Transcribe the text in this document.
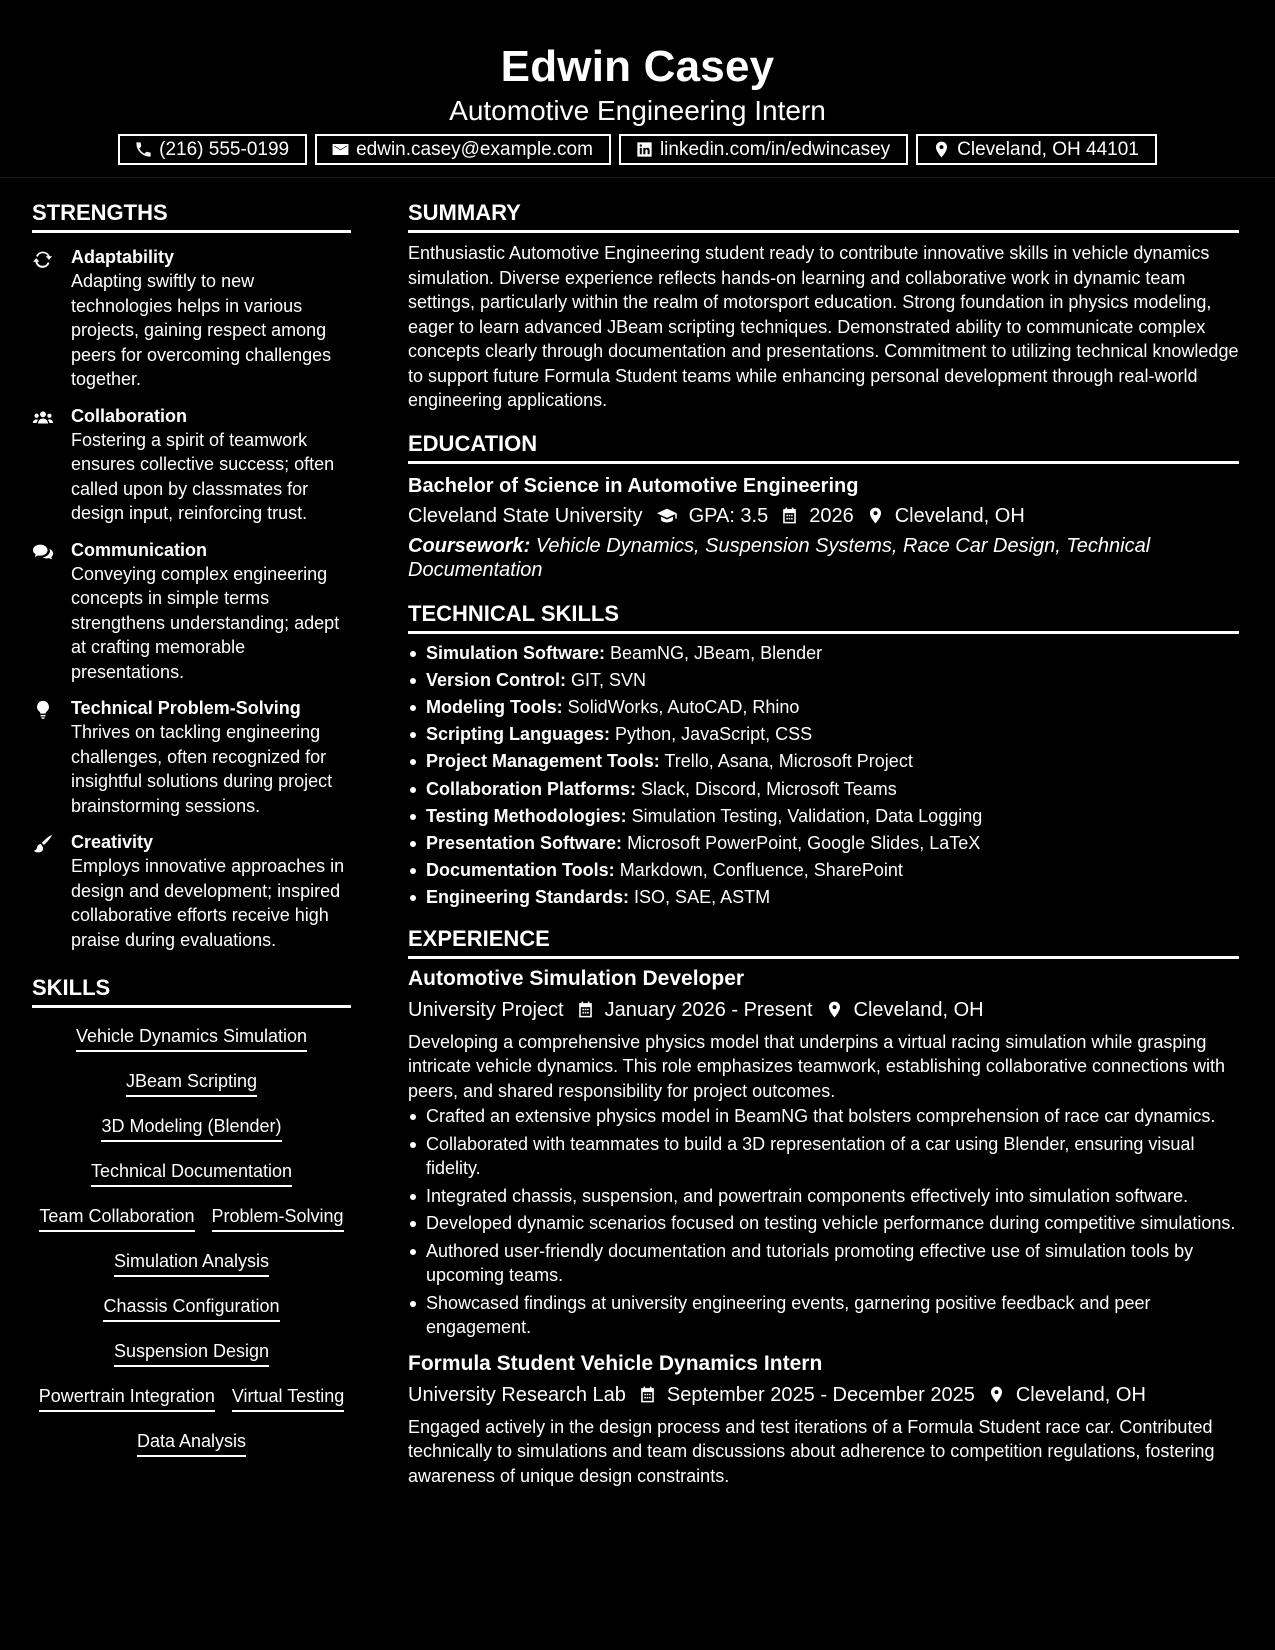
Edwin Casey
Automotive Engineering Intern
(216) 555-0199	edwin.casey@example.com	linkedin.com/in/edwincasey	Cleveland, OH 44101
STRENGTHS
Adaptability
Adapting swiftly to new technologies helps in various projects, gaining respect among peers for overcoming challenges together.
Collaboration
Fostering a spirit of teamwork ensures collective success; often called upon by classmates for design input, reinforcing trust.
Communication
Conveying complex engineering concepts in simple terms strengthens understanding; adept at crafting memorable presentations.
Technical Problem-Solving
Thrives on tackling engineering challenges, often recognized for insightful solutions during project brainstorming sessions.
Creativity
Employs innovative approaches in design and development; inspired collaborative efforts receive high praise during evaluations.
SKILLS
Vehicle Dynamics Simulation
JBeam Scripting
3D Modeling (Blender)
Technical Documentation
Team Collaboration Problem-Solving
Simulation Analysis
Chassis Configuration
Suspension Design
Powertrain Integration Virtual Testing
Data Analysis
SUMMARY
Enthusiastic Automotive Engineering student ready to contribute innovative skills in vehicle dynamics simulation. Diverse experience reflects hands-on learning and collaborative work in dynamic team settings, particularly within the realm of motorsport education. Strong foundation in physics modeling, eager to learn advanced JBeam scripting techniques. Demonstrated ability to communicate complex concepts clearly through documentation and presentations. Commitment to utilizing technical knowledge to support future Formula Student teams while enhancing personal development through real-world engineering applications.
EDUCATION
Bachelor of Science in Automotive Engineering
Cleveland State University GPA: 3.5 2026 Cleveland, OH
Coursework: Vehicle Dynamics, Suspension Systems, Race Car Design, Technical Documentation
TECHNICAL SKILLS
Simulation Software: BeamNG, JBeam, Blender
Version Control: GIT, SVN
Modeling Tools: SolidWorks, AutoCAD, Rhino
Scripting Languages: Python, JavaScript, CSS
Project Management Tools: Trello, Asana, Microsoft Project
Collaboration Platforms: Slack, Discord, Microsoft Teams
Testing Methodologies: Simulation Testing, Validation, Data Logging
Presentation Software: Microsoft PowerPoint, Google Slides, LaTeX
Documentation Tools: Markdown, Confluence, SharePoint
Engineering Standards: ISO, SAE, ASTM
EXPERIENCE
Automotive Simulation Developer
University Project January 2026 - Present Cleveland, OH
Developing a comprehensive physics model that underpins a virtual racing simulation while grasping intricate vehicle dynamics. This role emphasizes teamwork, establishing collaborative connections with peers, and shared responsibility for project outcomes.
Crafted an extensive physics model in BeamNG that bolsters comprehension of race car dynamics.
Collaborated with teammates to build a 3D representation of a car using Blender, ensuring visual fidelity.
Integrated chassis, suspension, and powertrain components effectively into simulation software.
Developed dynamic scenarios focused on testing vehicle performance during competitive simulations.
Authored user-friendly documentation and tutorials promoting effective use of simulation tools by upcoming teams.
Showcased findings at university engineering events, garnering positive feedback and peer engagement.
Formula Student Vehicle Dynamics Intern
University Research Lab September 2025 - December 2025 Cleveland, OH
Engaged actively in the design process and test iterations of a Formula Student race car. Contributed technically to simulations and team discussions about adherence to competition regulations, fostering awareness of unique design constraints.
